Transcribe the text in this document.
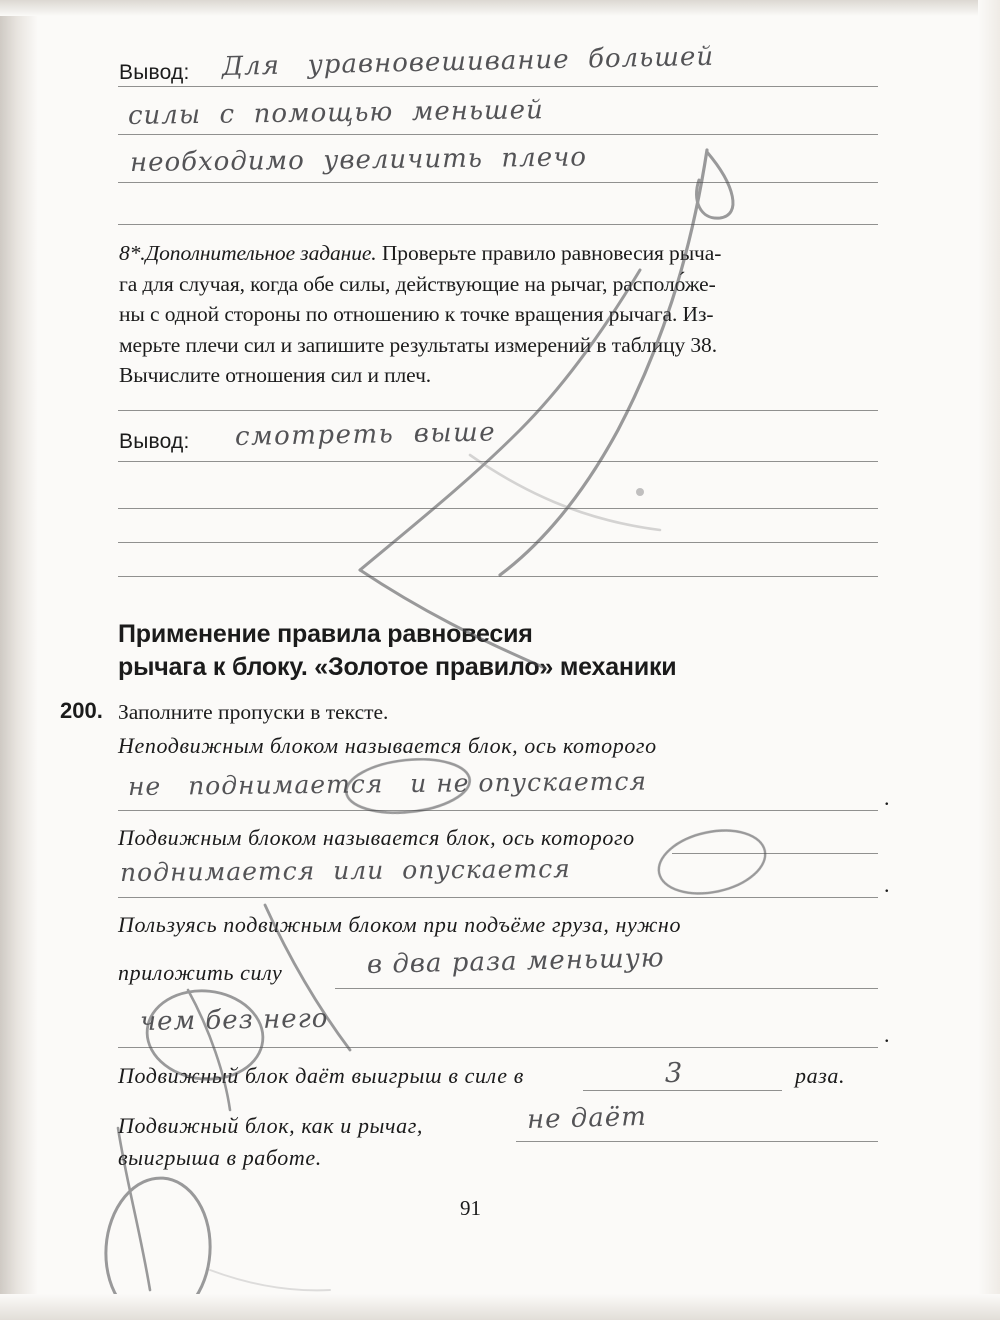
Вывод:
8*.Дополнительное задание. Проверьте правило равновесия рыча-
га для случая, когда обе силы, действующие на рычаг, располо́же-
ны с одной стороны по отношению к точке вращения рычага. Из-
мерьте плечи сил и запишите результаты измерений в таблицу 38.
Вычислите отношения сил и плеч.
Вывод:
Применение правила равновесия
рычага к блоку. «Золотое правило» механики
200. Заполните пропуски в тексте.
Неподвижным блоком называется блок, ось которого
.
Подвижным блоком называется блок, ось которого
.
Пользуясь подвижным блоком при подъёме груза, нужно
приложить силу
.
Подвижный блок даёт выигрыш в силе в	раза.
Подвижный блок, как и рычаг,
выигрыша в работе.
91
Для   уравновешивание  большей
силы  с  помощью  меньшей
необходимо  увеличить  плечо
смотреть  выше
не   поднимается   и не опускается
поднимается  или  опускается
в два раза меньшую
чем без него
3
не даёт
